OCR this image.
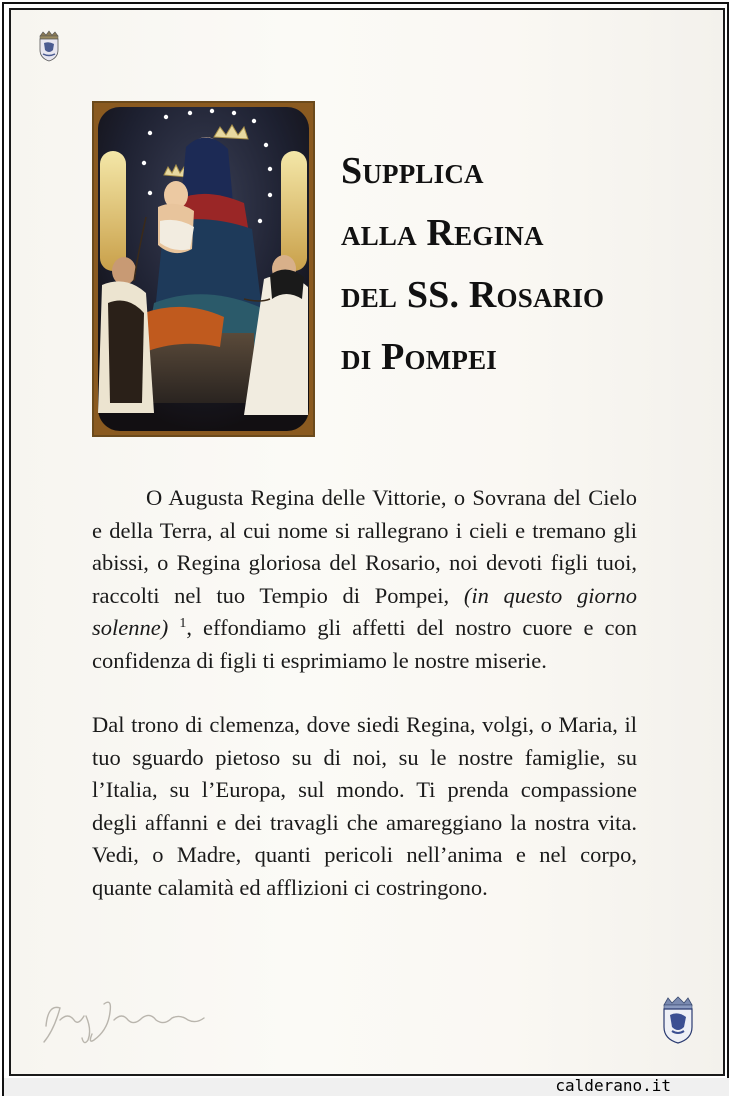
Supplica
alla Regina
del SS. Rosario
di Pompei

O Augusta Regina delle Vittorie, o Sovrana del Cielo e della Terra, al cui nome si rallegrano i cieli e tremano gli abissi, o Regina gloriosa del Rosario, noi devoti figli tuoi, raccolti nel tuo Tempio di Pompei, (in questo giorno solenne) $^1$, effondiamo gli affetti del nostro cuore e con confidenza di figli ti esprimiamo le nostre miserie.

Dal trono di clemenza, dove siedi Regina, volgi, o Maria, il tuo sguardo pietoso su di noi, su le nostre famiglie, su l’Italia, su l’Europa, sul mondo. Ti prenda compassione degli affanni e dei travagli che amareggiano la nostra vita. Vedi, o Madre, quanti pericoli nell’anima e nel corpo, quante calamità ed afflizioni ci costringono.

calderano.it
